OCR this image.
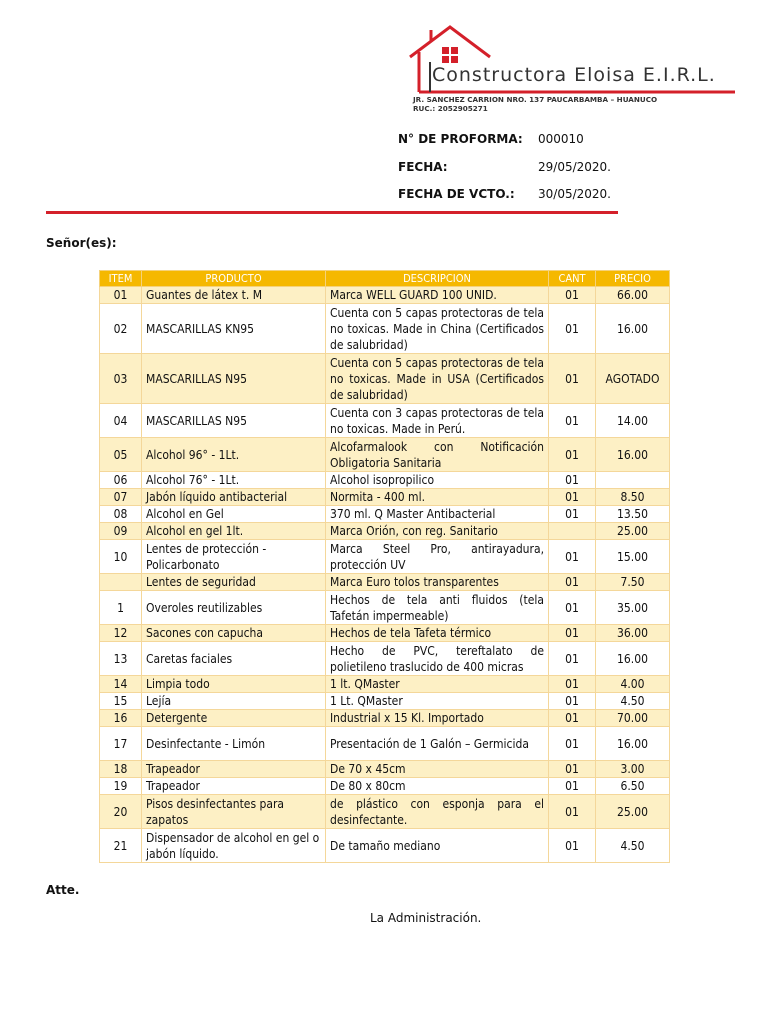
Constructora Eloisa E.I.R.L.
JR. SANCHEZ CARRION NRO. 137 PAUCARBAMBA – HUANUCO
RUC.: 2052905271
N° DE PROFORMA: 000010
FECHA:	29/05/2020.
FECHA DE VCTO.: 30/05/2020.
Señor(es):
ITEM	PRODUCTO	DESCRIPCION	CANT	PRECIO
01	Guantes de látex t. M	Marca WELL GUARD 100 UNID.	01	66.00
02	MASCARILLAS KN95	Cuenta con 5 capas protectoras de tela no toxicas. Made in China (Certificados de salubridad)	01	16.00
03	MASCARILLAS N95	Cuenta con 5 capas protectoras de tela no toxicas. Made in USA (Certificados de salubridad)	01	AGOTADO
04	MASCARILLAS N95	Cuenta con 3 capas protectoras de tela no toxicas. Made in Perú.	01	14.00
05	Alcohol 96° - 1Lt.	Alcofarmalook con Notificación Obligatoria Sanitaria	01	16.00
06	Alcohol 76° - 1Lt.	Alcohol isopropilico	01	
07	Jabón líquido antibacterial	Normita - 400 ml.	01	8.50
08	Alcohol en Gel	370 ml. Q Master Antibacterial	01	13.50
09	Alcohol en gel 1lt.	Marca Orión, con reg. Sanitario		25.00
10	Lentes de protección - Policarbonato	Marca Steel Pro, antirayadura, protección UV	01	15.00
	Lentes de seguridad	Marca Euro tolos transparentes	01	7.50
1	Overoles reutilizables	Hechos de tela anti fluidos (tela Tafetán impermeable)	01	35.00
12	Sacones con capucha	Hechos de tela Tafeta térmico	01	36.00
13	Caretas faciales	Hecho de PVC, tereftalato de polietileno traslucido de 400 micras	01	16.00
14	Limpia todo	1 lt. QMaster	01	4.00
15	Lejía	1 Lt. QMaster	01	4.50
16	Detergente	Industrial x 15 Kl. Importado	01	70.00
17	Desinfectante - Limón	Presentación de 1 Galón – Germicida	01	16.00
18	Trapeador	De 70 x 45cm	01	3.00
19	Trapeador	De 80 x 80cm	01	6.50
20	Pisos desinfectantes para zapatos	de plástico con esponja para el desinfectante.	01	25.00
21	Dispensador de alcohol en gel o jabón líquido.	De tamaño mediano	01	4.50
Atte.
La Administración.
